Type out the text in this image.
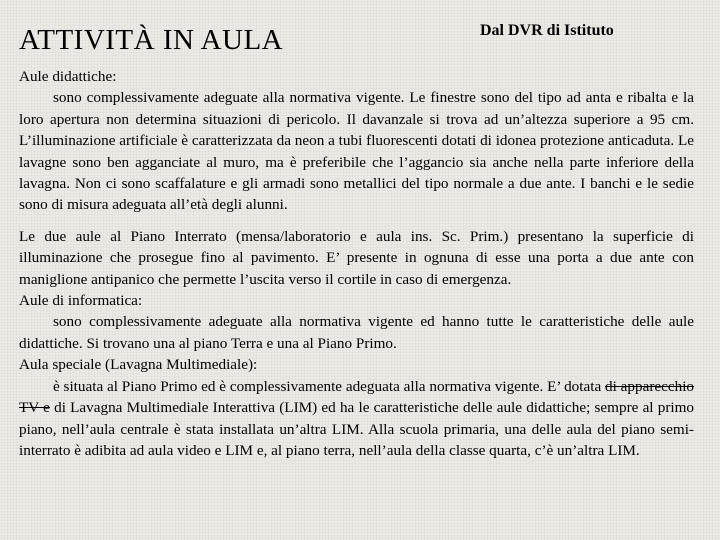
ATTIVITÀ IN AULA	Dal DVR di Istituto

Aule didattiche:

sono complessivamente adeguate alla normativa vigente. Le finestre sono del tipo ad anta e ribalta e la loro apertura non determina situazioni di pericolo. Il davanzale si trova ad un’altezza superiore a 95 cm. L’illuminazione artificiale è caratterizzata da neon a tubi fluorescenti dotati di idonea protezione anticaduta. Le lavagne sono ben agganciate al muro, ma è preferibile che l’aggancio sia anche nella parte inferiore della lavagna. Non ci sono scaffalature e gli armadi sono metallici del tipo normale a due ante. I banchi e le sedie sono di misura adeguata all’età degli alunni.

Le due aule al Piano Interrato (mensa/laboratorio e aula ins. Sc. Prim.) presentano la superficie di illuminazione che prosegue fino al pavimento. E’ presente in ognuna di esse una porta a due ante con maniglione antipanico che permette l’uscita verso il cortile in caso di emergenza.

Aule di informatica:

sono complessivamente adeguate alla normativa vigente ed hanno tutte le caratteristiche delle aule didattiche. Si trovano una al piano Terra e una al Piano Primo.

Aula speciale (Lavagna Multimediale):

è situata al Piano Primo ed è complessivamente adeguata alla normativa vigente. E’ dotata di apparecchio TV e di Lavagna Multimediale Interattiva (LIM) ed ha le caratteristiche delle aule didattiche; sempre al primo piano, nell’aula centrale è stata installata un’altra LIM. Alla scuola primaria, una delle aula del piano semi-interrato è adibita ad aula video e LIM e, al piano terra, nell’aula della classe quarta, c’è un’altra LIM.
